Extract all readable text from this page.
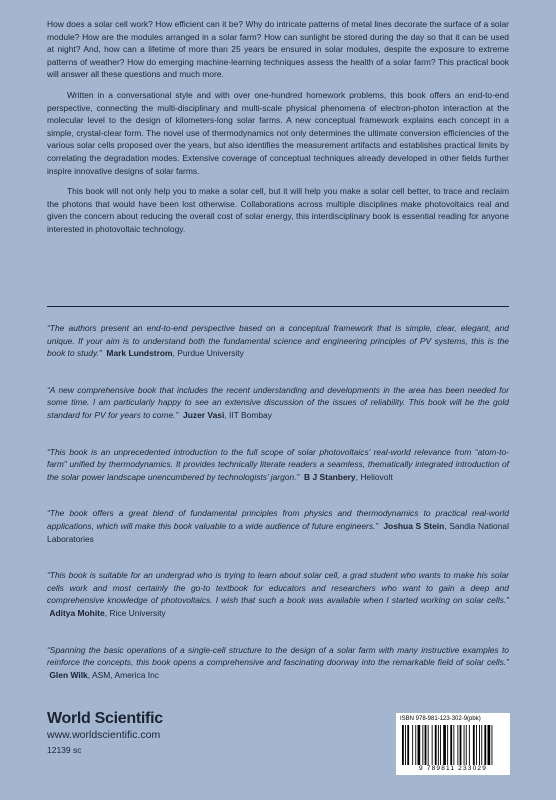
How does a solar cell work? How efficient can it be? Why do intricate patterns of metal lines decorate the surface of a solar module? How are the modules arranged in a solar farm? How can sunlight be stored during the day so that it can be used at night? And, how can a lifetime of more than 25 years be ensured in solar modules, despite the exposure to extreme patterns of weather? How do emerging machine-learning techniques assess the health of a solar farm? This practical book will answer all these questions and much more.

Written in a conversational style and with over one-hundred homework problems, this book offers an end-to-end perspective, connecting the multi-disciplinary and multi-scale physical phenomena of electron-photon interaction at the molecular level to the design of kilometers-long solar farms. A new conceptual framework explains each concept in a simple, crystal-clear form. The novel use of thermodynamics not only determines the ultimate conversion efficiencies of the various solar cells proposed over the years, but also identifies the measurement artifacts and establishes practical limits by correlating the degradation modes. Extensive coverage of conceptual techniques already developed in other fields further inspire innovative designs of solar farms.

This book will not only help you to make a solar cell, but it will help you make a solar cell better, to trace and reclaim the photons that would have been lost otherwise. Collaborations across multiple disciplines make photovoltaics real and given the concern about reducing the overall cost of solar energy, this interdisciplinary book is essential reading for anyone interested in photovoltaic technology.

“The authors present an end-to-end perspective based on a conceptual framework that is simple, clear, elegant, and unique. If your aim is to understand both the fundamental science and engineering principles of PV systems, this is the book to study.” Mark Lundstrom, Purdue University
“A new comprehensive book that includes the recent understanding and developments in the area has been needed for some time. I am particularly happy to see an extensive discussion of the issues of reliability. This book will be the gold standard for PV for years to come.” Juzer Vasi, IIT Bombay
“This book is an unprecedented introduction to the full scope of solar photovoltaics’ real-world relevance from “atom-to-farm” unified by thermodynamics. It provides technically literate readers a seamless, thematically integrated introduction of the solar power landscape unencumbered by technologists’ jargon.” B J Stanbery, Heliovolt
“The book offers a great blend of fundamental principles from physics and thermodynamics to practical real-world applications, which will make this book valuable to a wide audience of future engineers.” Joshua S Stein, Sandia National Laboratories
“This book is suitable for an undergrad who is trying to learn about solar cell, a grad student who wants to make his solar cells work and most certainly the go-to textbook for educators and researchers who want to gain a deep and comprehensive knowledge of photovoltaics. I wish that such a book was available when I started working on solar cells.”  Aditya Mohite, Rice University
“Spanning the basic operations of a single-cell structure to the design of a solar farm with many instructive examples to reinforce the concepts, this book opens a comprehensive and fascinating doorway into the remarkable field of solar cells.”  Glen Wilk, ASM, America Inc
World Scientific
www.worldscientific.com
12139 sc
ISBN 978-981-123-302-9(pbk)
9 789811 233029
